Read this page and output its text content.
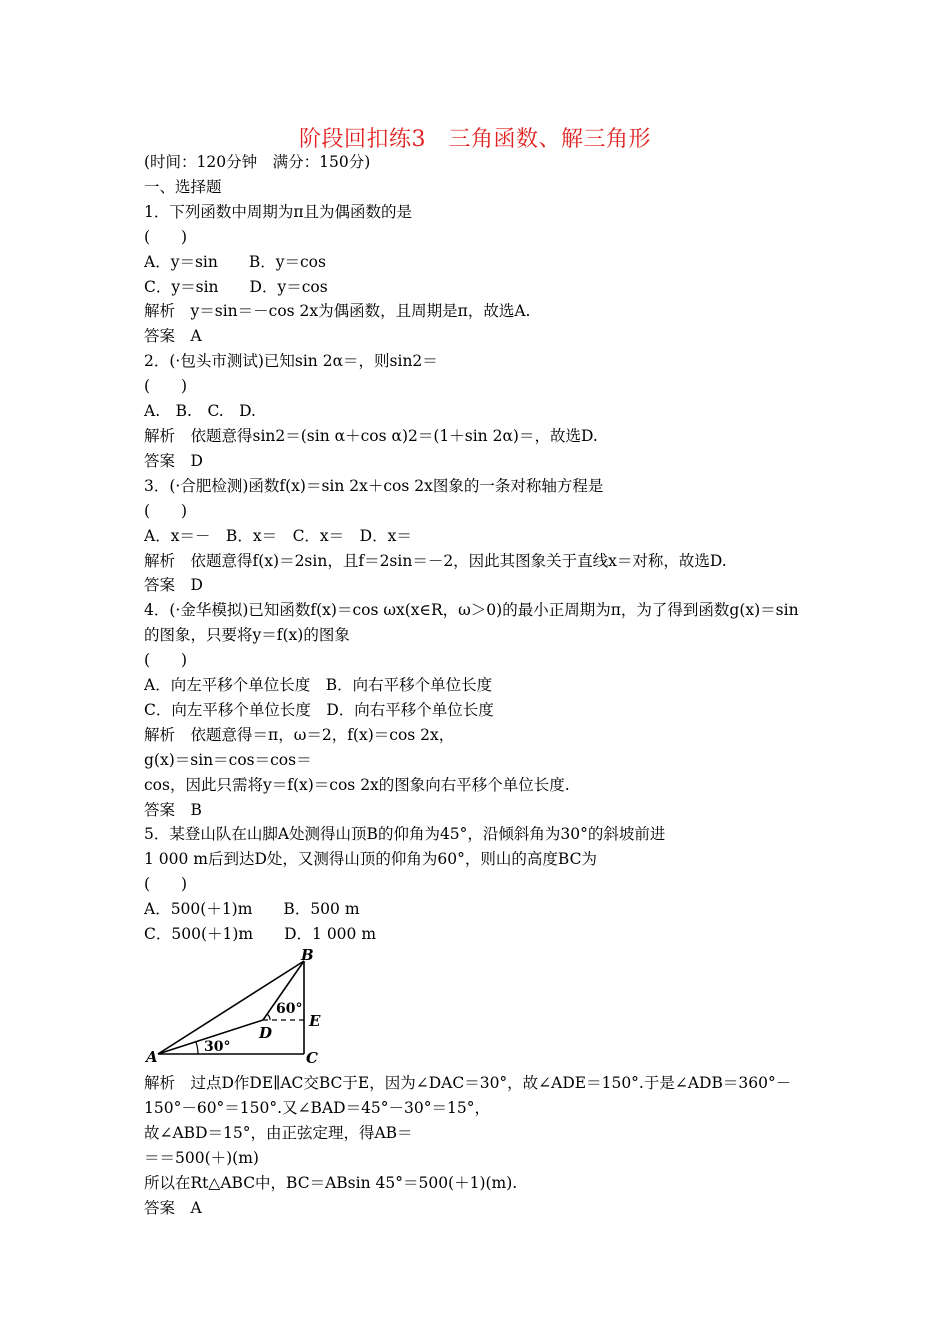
阶段回扣练3　三角函数、解三角形
(时间：120分钟　满分：150分)
一、选择题
1．下列函数中周期为π且为偶函数的是
(　　)
A．y＝sin　　B．y＝cos
C．y＝sin　　D．y＝cos
解析　y＝sin＝－cos 2x为偶函数，且周期是π，故选A.
答案　A
2．(·包头市测试)已知sin 2α＝，则sin2＝
(　　)
A.　B.　C.　D.
解析　依题意得sin2＝(sin α＋cos α)2＝(1＋sin 2α)＝，故选D.
答案　D
3．(·合肥检测)函数f(x)＝sin 2x＋cos 2x图象的一条对称轴方程是
(　　)
A．x＝－　B．x＝　C．x＝　D．x＝
解析　依题意得f(x)＝2sin，且f＝2sin＝－2，因此其图象关于直线x＝对称，故选D.
答案　D
4．(·金华模拟)已知函数f(x)＝cos ωx(x∈R，ω＞0)的最小正周期为π，为了得到函数g(x)＝sin的图象，只要将y＝f(x)的图象
(　　)
A．向左平移个单位长度　B．向右平移个单位长度
C．向左平移个单位长度　D．向右平移个单位长度
解析　依题意得＝π，ω＝2，f(x)＝cos 2x，
g(x)＝sin＝cos＝cos＝
cos，因此只需将y＝f(x)＝cos 2x的图象向右平移个单位长度.
答案　B
5．某登山队在山脚A处测得山顶B的仰角为45°，沿倾斜角为30°的斜坡前进
1 000 m后到达D处，又测得山顶的仰角为60°，则山的高度BC为
(　　)
A．500(＋1)m　　B．500 m
C．500(＋1)m　　D．1 000 m
B
A	C
D
E
30°
60°
解析　过点D作DE∥AC交BC于E，因为∠DAC＝30°，故∠ADE＝150°.于是∠ADB＝360°－150°－60°＝150°.又∠BAD＝45°－30°＝15°，
故∠ABD＝15°，由正弦定理，得AB＝
＝＝500(＋)(m)
所以在Rt△ABC中，BC＝ABsin 45°＝500(＋1)(m).
答案　A
